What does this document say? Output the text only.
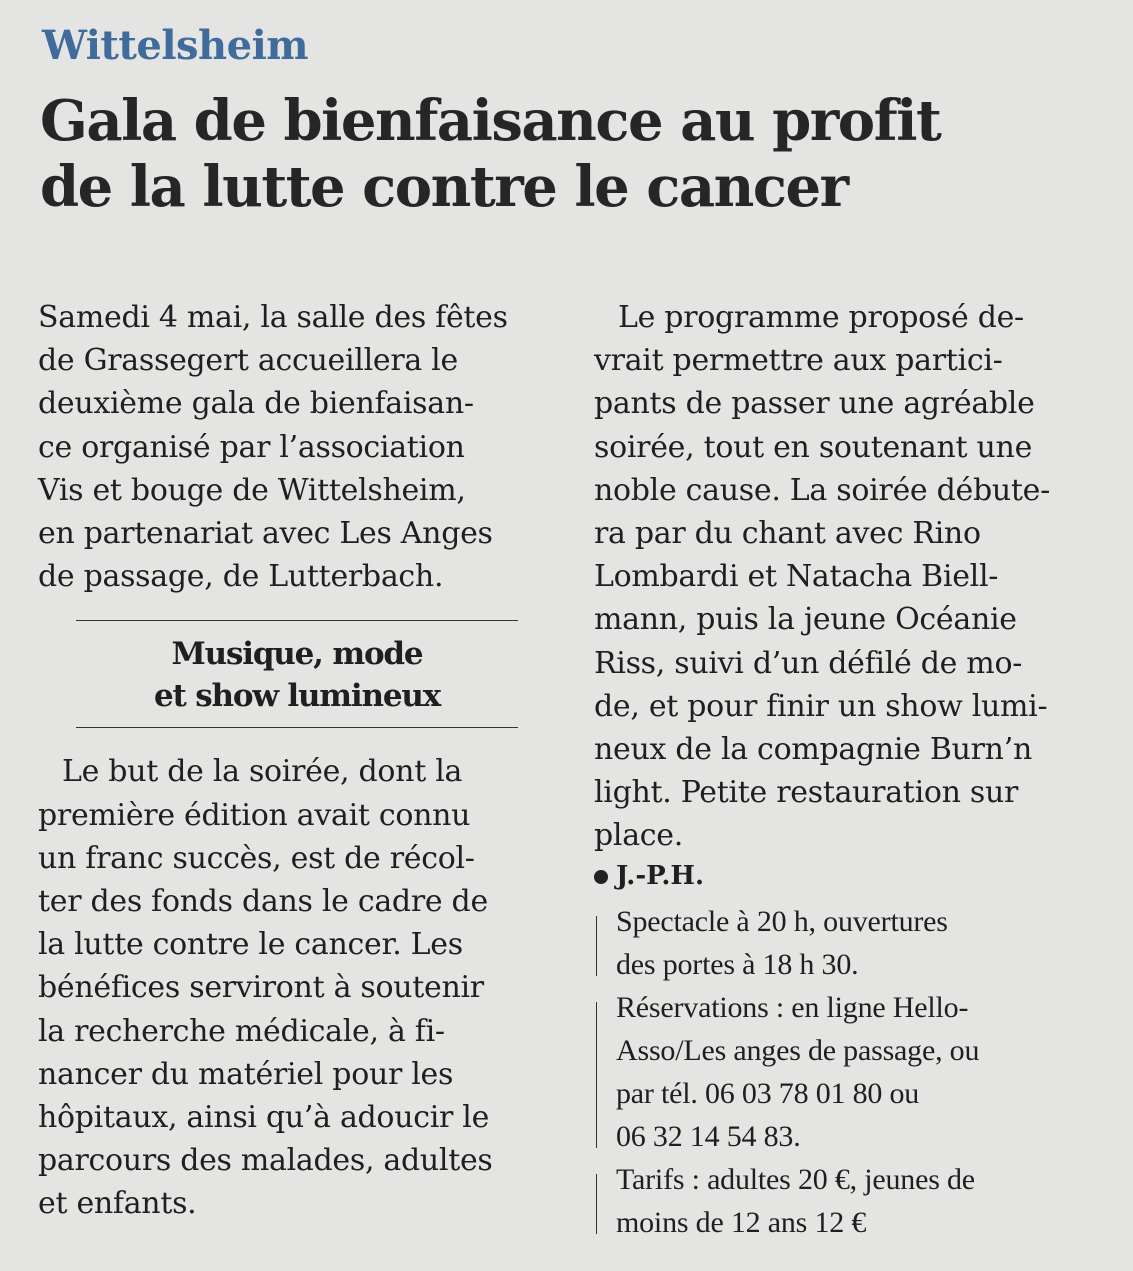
Wittelsheim
Gala de bienfaisance au profit
de la lutte contre le cancer

Samedi 4 mai, la salle des fêtes
de Grassegert accueillera le
deuxième gala de bienfaisan-
ce organisé par l’association
Vis et bouge de Wittelsheim,
en partenariat avec Les Anges
de passage, de Lutterbach.

Musique, mode
et show lumineux

Le but de la soirée, dont la
première édition avait connu
un franc succès, est de récol-
ter des fonds dans le cadre de
la lutte contre le cancer. Les
bénéfices serviront à soutenir
la recherche médicale, à fi-
nancer du matériel pour les
hôpitaux, ainsi qu’à adoucir le
parcours des malades, adultes
et enfants.

Le programme proposé de-
vrait permettre aux partici-
pants de passer une agréable
soirée, tout en soutenant une
noble cause. La soirée débute-
ra par du chant avec Rino
Lombardi et Natacha Biell-
mann, puis la jeune Océanie
Riss, suivi d’un défilé de mo-
de, et pour finir un show lumi-
neux de la compagnie Burn’n
light. Petite restauration sur
place.

J.-P.H.

Spectacle à 20 h, ouvertures
des portes à 18 h 30.
Réservations : en ligne Hello-
Asso/Les anges de passage, ou
par tél. 06 03 78 01 80 ou
06 32 14 54 83.
Tarifs : adultes 20 €, jeunes de
moins de 12 ans 12 €
